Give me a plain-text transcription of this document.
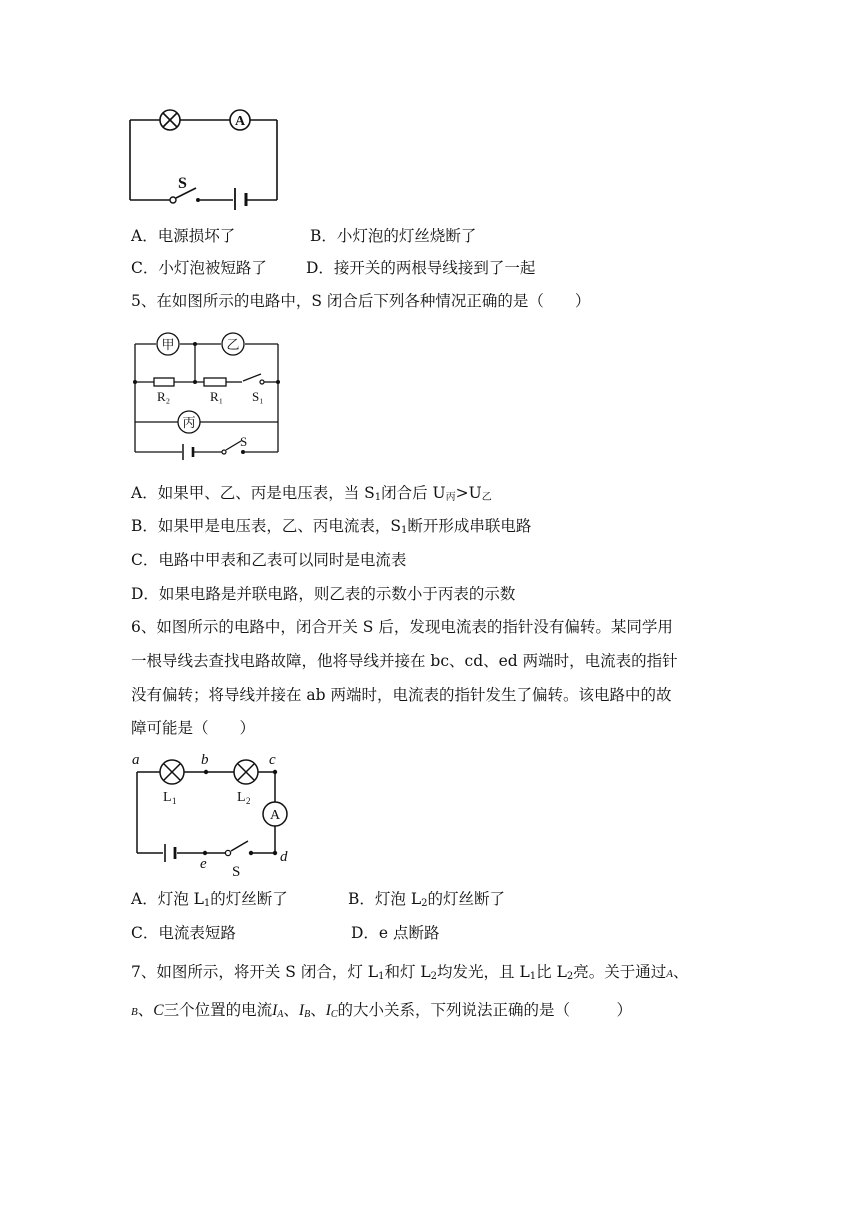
A
S
A．电源损坏了	B．小灯泡的灯丝烧断了
C．小灯泡被短路了	D．接开关的两根导线接到了一起
5、在如图所示的电路中，S 闭合后下列各种情况正确的是（　　）
甲	乙
丙
R₂	R₁ S₁
S
A．如果甲、乙、丙是电压表，当 $S_1$闭合后 $U_丙>U_乙$
B．如果甲是电压表，乙、丙电流表，$S_1$断开形成串联电路
C．电路中甲表和乙表可以同时是电流表
D．如果电路是并联电路，则乙表的示数小于丙表的示数
6、如图所示的电路中，闭合开关 S 后，发现电流表的指针没有偏转。某同学用
一根导线去查找电路故障，他将导线并接在 bc、cd、ed 两端时，电流表的指针
没有偏转；将导线并接在 ab 两端时，电流表的指针发生了偏转。该电路中的故
障可能是（　　）
A
a	b	c
d
e
L 1	L 2
S
A．灯泡 $L_1$的灯丝断了	B．灯泡 $L_2$的灯丝断了
C．电流表短路	D．e 点断路
7、如图所示，将开关 S 闭合，灯 $L_1$和灯 $L_2$均发光，且 $L_1$比 $L_2$亮。关于通过A、
B、C三个位置的电流$I_A$、$I_B$、$I_C$的大小关系，下列说法正确的是（　　　）
